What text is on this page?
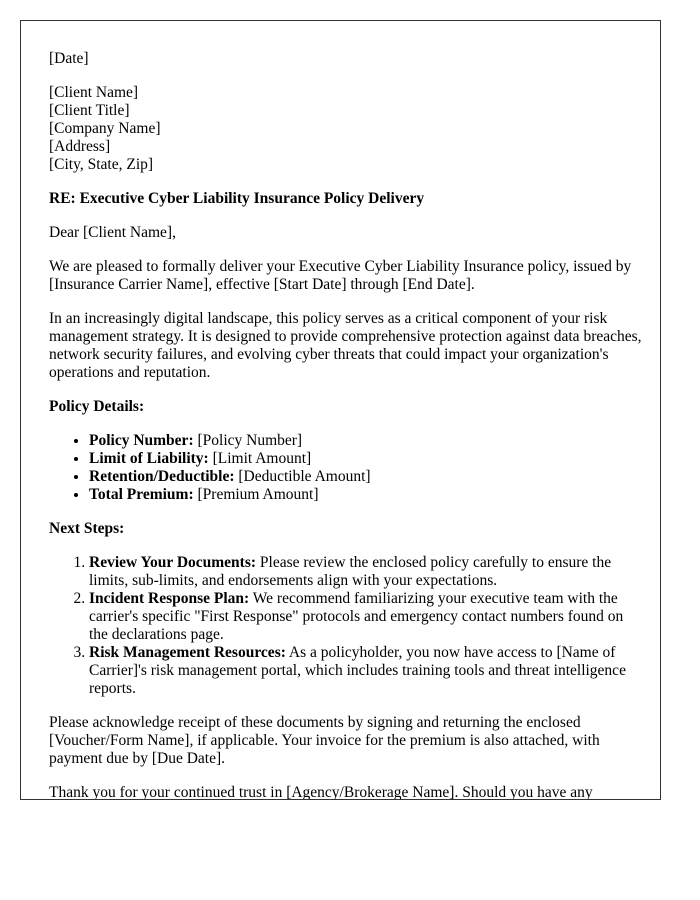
[Date]

[Client Name]
[Client Title]
[Company Name]
[Address]
[City, State, Zip]

RE: Executive Cyber Liability Insurance Policy Delivery

Dear [Client Name],

We are pleased to formally deliver your Executive Cyber Liability Insurance policy, issued by [Insurance Carrier Name], effective [Start Date] through [End Date].

In an increasingly digital landscape, this policy serves as a critical component of your risk management strategy. It is designed to provide comprehensive protection against data breaches, network security failures, and evolving cyber threats that could impact your organization's operations and reputation.

Policy Details:

• Policy Number: [Policy Number]
• Limit of Liability: [Limit Amount]
• Retention/Deductible: [Deductible Amount]
• Total Premium: [Premium Amount]

Next Steps:

1. Review Your Documents: Please review the enclosed policy carefully to ensure the limits, sub-limits, and endorsements align with your expectations.
2. Incident Response Plan: We recommend familiarizing your executive team with the carrier's specific "First Response" protocols and emergency contact numbers found on the declarations page.
3. Risk Management Resources: As a policyholder, you now have access to [Name of Carrier]'s risk management portal, which includes training tools and threat intelligence reports.

Please acknowledge receipt of these documents by signing and returning the enclosed [Voucher/Form Name], if applicable. Your invoice for the premium is also attached, with payment due by [Due Date].

Thank you for your continued trust in [Agency/Brokerage Name]. Should you have any
